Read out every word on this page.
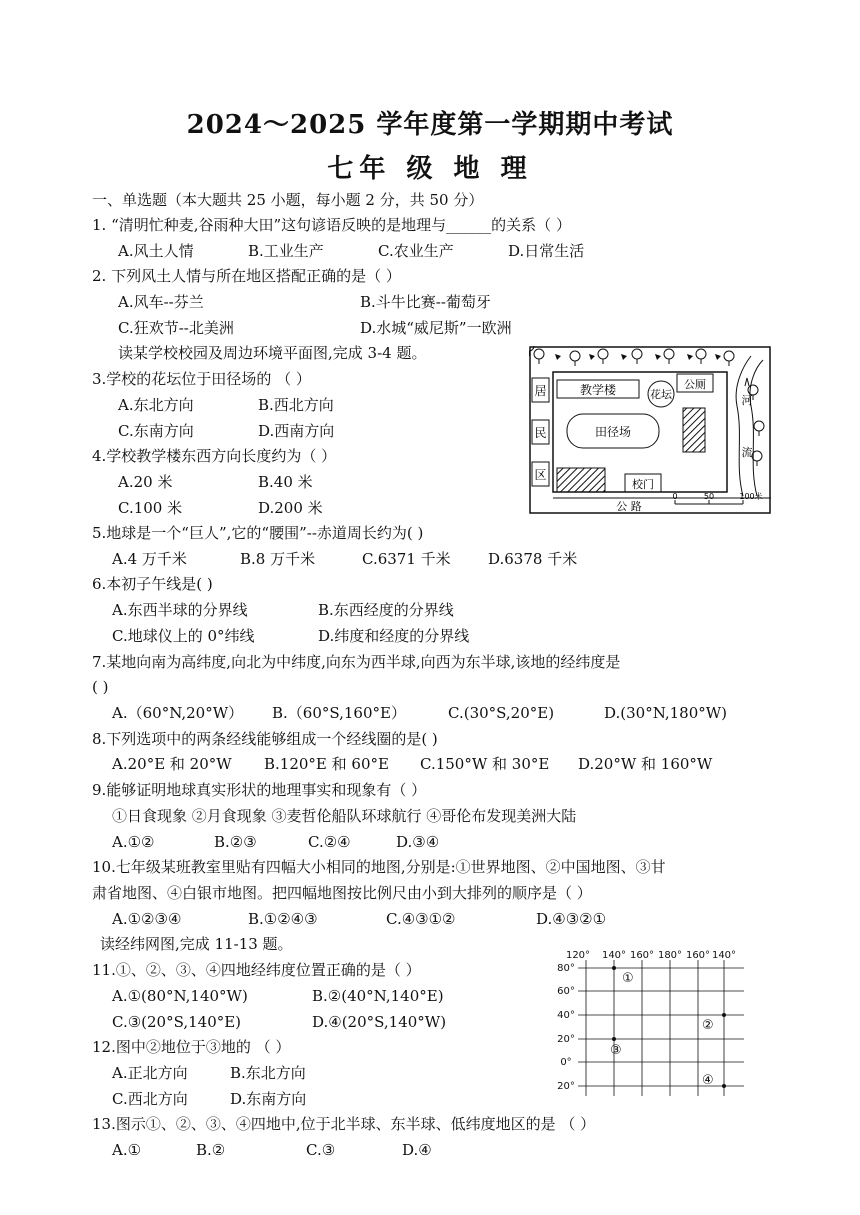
2024～2025 学年度第一学期期中考试
七年 级 地 理
一、单选题（本大题共 25 小题，每小题 2 分，共 50 分）
1. “清明忙种麦,谷雨种大田”这句谚语反映的是地理与______的关系（ ）
A.风土人情	B.工业生产	C.农业生产	D.日常生活
2. 下列风土人情与所在地区搭配正确的是（ ）
A.风车--芬兰	B.斗牛比赛--葡萄牙
C.狂欢节--北美洲	D.水城“威尼斯”一欧洲
读某学校校园及周边环境平面图,完成 3-4 题。
3.学校的花坛位于田径场的 （ ）
A.东北方向	B.西北方向
C.东南方向	D.西南方向
4.学校教学楼东西方向长度约为（ ）
A.20 米	B.40 米
C.100 米	D.200 米
居
民
区
教学楼	花坛
公厕
田径场
校门
河
流
公 路
0	50	100米
5.地球是一个“巨人”,它的“腰围”--赤道周长约为( )
A.4 万千米	B.8 万千米	C.6371 千米 D.6378 千米
6.本初子午线是( )
A.东西半球的分界线	B.东西经度的分界线
C.地球仪上的 0°纬线	D.纬度和经度的分界线
7.某地向南为高纬度,向北为中纬度,向东为西半球,向西为东半球,该地的经纬度是
( )
A.（60°N,20°W） B.（60°S,160°E）	C.(30°S,20°E)	D.(30°N,180°W)
8.下列选项中的两条经线能够组成一个经线圈的是( )
A.20°E 和 20°W B.120°E 和 60°E C.150°W 和 30°E D.20°W 和 160°W
9.能够证明地球真实形状的地理事实和现象有（ ）
①日食现象 ②月食现象 ③麦哲伦船队环球航行 ④哥伦布发现美洲大陆
A.①②	B.②③	C.②④	D.③④
10.七年级某班教室里贴有四幅大小相同的地图,分别是:①世界地图、②中国地图、③甘
肃省地图、④白银市地图。把四幅地图按比例尺由小到大排列的顺序是（ ）
A.①②③④	B.①②④③	C.④③①②	D.④③②①
读经纬网图,完成 11-13 题。
11.①、②、③、④四地经纬度位置正确的是（ ）
A.①(80°N,140°W)	B.②(40°N,140°E)
C.③(20°S,140°E)	D.④(20°S,140°W)
12.图中②地位于③地的 （ ）
A.正北方向	B.东北方向
C.西北方向	D.东南方向
13.图示①、②、③、④四地中,位于北半球、东半球、低纬度地区的是 （ ）
A.①	B.②	C.③	D.④
120° 140° 160° 180° 160° 140°
80°
60°
40°
20°
0°
20°
①
②
③
④
